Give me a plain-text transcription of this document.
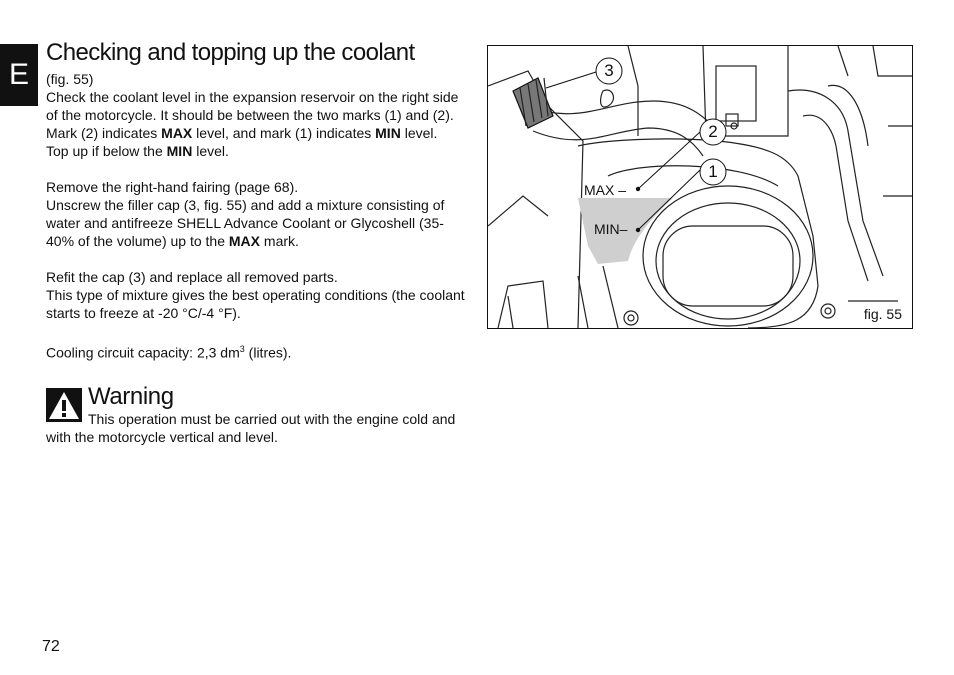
E
Checking and topping up the coolant
(fig. 55)

Check the coolant level in the expansion reservoir on the right side of the motorcycle. It should be between the two marks (1) and (2). Mark (2) indicates MAX level, and mark (1) indicates MIN level.

Top up if below the MIN level.

Remove the right-hand fairing (page 68).

Unscrew the filler cap (3, fig. 55) and add a mixture consisting of water and antifreeze SHELL Advance Coolant or Glycoshell (35-40% of the volume) up to the MAX mark.

Refit the cap (3) and replace all removed parts.

This type of mixture gives the best operating conditions (the coolant starts to freeze at -20 °C/-4 °F).

Cooling circuit capacity: 2,3 $dm^3$ (litres).

Warning

This operation must be carried out with the engine cold and with the motorcycle vertical and level.

72
3
2
1
MAX –
MIN–
fig. 55
